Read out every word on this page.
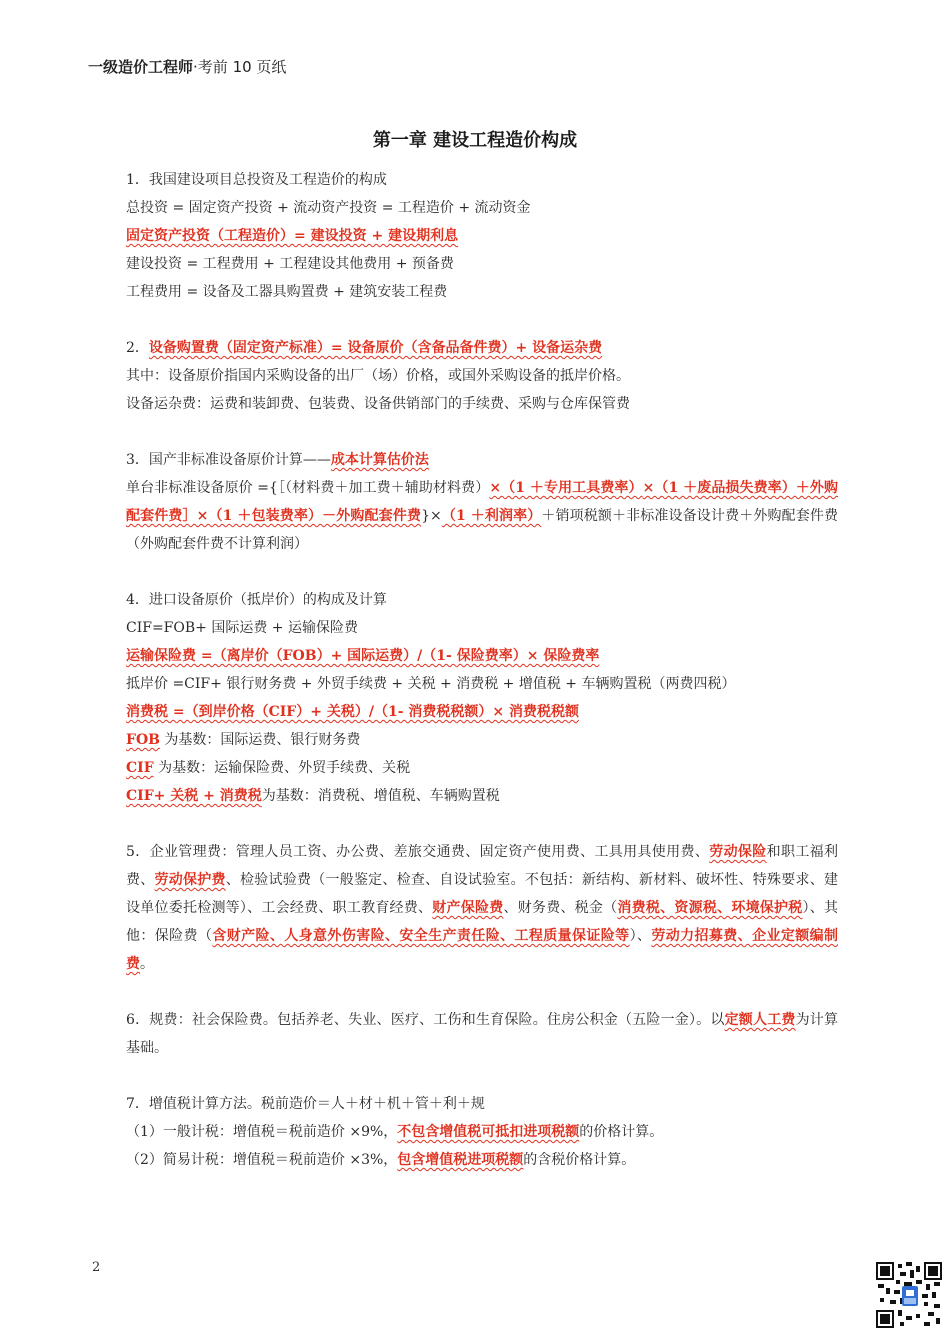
一级造价工程师·考前 10 页纸
第一章 建设工程造价构成
1．我国建设项目总投资及工程造价的构成
总投资 = 固定资产投资 + 流动资产投资 = 工程造价 + 流动资金
固定资产投资（工程造价）= 建设投资 + 建设期利息
建设投资 = 工程费用 + 工程建设其他费用 + 预备费
工程费用 = 设备及工器具购置费 + 建筑安装工程费
2．设备购置费（固定资产标准）= 设备原价（含备品备件费）+ 设备运杂费
其中：设备原价指国内采购设备的出厂（场）价格，或国外采购设备的抵岸价格。
设备运杂费：运费和装卸费、包装费、设备供销部门的手续费、采购与仓库保管费
3．国产非标准设备原价计算——成本计算估价法
单台非标准设备原价 ={［（材料费＋加工费＋辅助材料费）×（1 ＋专用工具费率）×（1 ＋废品损失费率）＋外购配套件费］×（1 ＋包装费率）－外购配套件费}×（1 ＋利润率）＋销项税额＋非标准设备设计费＋外购配套件费（外购配套件费不计算利润）
4．进口设备原价（抵岸价）的构成及计算
CIF=FOB+ 国际运费 + 运输保险费
运输保险费 =（离岸价（FOB）+ 国际运费）/（1- 保险费率）× 保险费率
抵岸价 =CIF+ 银行财务费 + 外贸手续费 + 关税 + 消费税 + 增值税 + 车辆购置税（两费四税）
消费税 =（到岸价格（CIF）+ 关税）/（1- 消费税税额）× 消费税税额
FOB 为基数：国际运费、银行财务费
CIF 为基数：运输保险费、外贸手续费、关税
CIF+ 关税 + 消费税为基数：消费税、增值税、车辆购置税
5．企业管理费：管理人员工资、办公费、差旅交通费、固定资产使用费、工具用具使用费、劳动保险和职工福利费、劳动保护费、检验试验费（一般鉴定、检查、自设试验室。不包括：新结构、新材料、破坏性、特殊要求、建设单位委托检测等）、工会经费、职工教育经费、财产保险费、财务费、税金（消费税、资源税、环境保护税）、其他：保险费（含财产险、人身意外伤害险、安全生产责任险、工程质量保证险等）、劳动力招募费、企业定额编制费。
6．规费：社会保险费。包括养老、失业、医疗、工伤和生育保险。住房公积金（五险一金）。以定额人工费为计算基础。
7．增值税计算方法。税前造价＝人＋材＋机＋管＋利＋规
（1）一般计税：增值税＝税前造价 ×9%，不包含增值税可抵扣进项税额的价格计算。
（2）简易计税：增值税＝税前造价 ×3%，包含增值税进项税额的含税价格计算。
2
